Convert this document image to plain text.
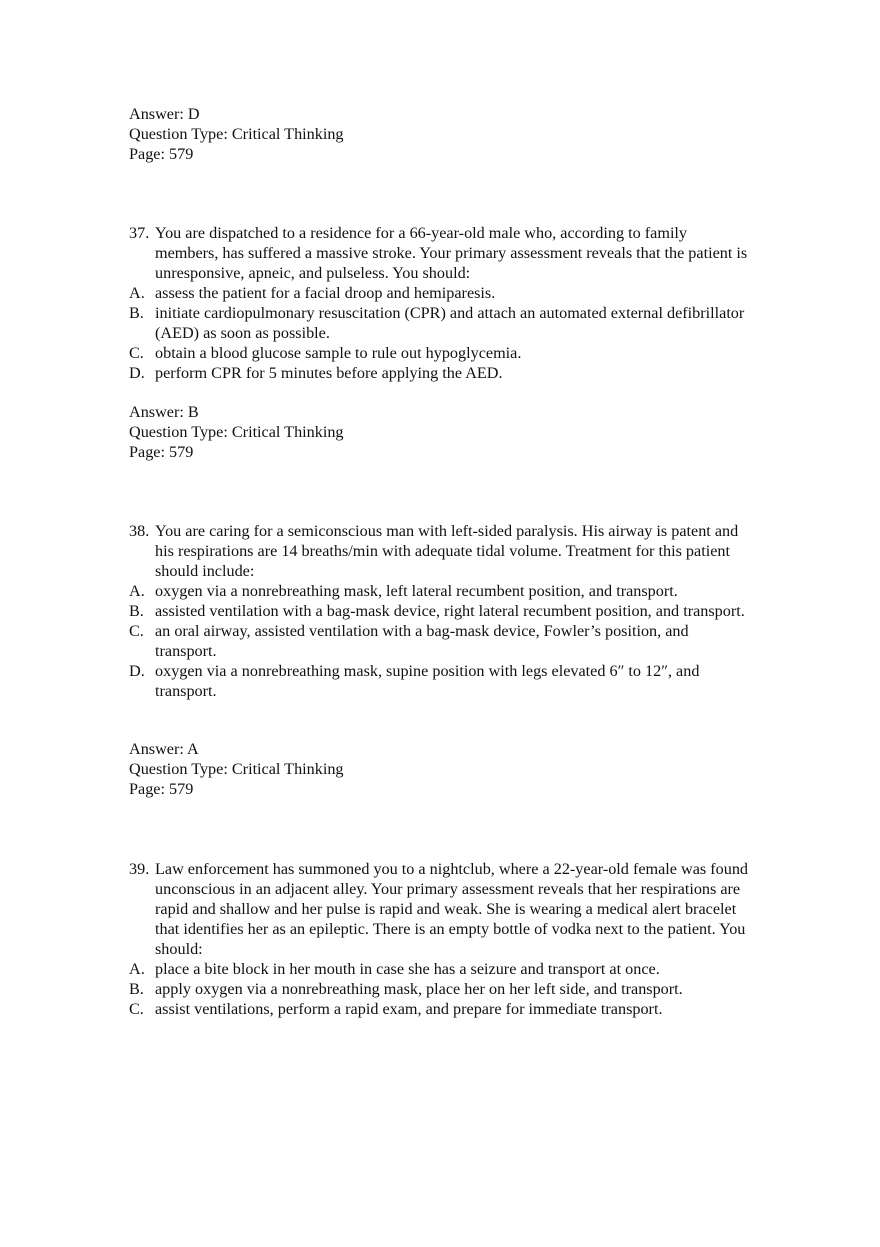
Answer: D
Question Type: Critical Thinking
Page: 579
37. You are dispatched to a residence for a 66-year-old male who, according to family members, has suffered a massive stroke. Your primary assessment reveals that the patient is unresponsive, apneic, and pulseless. You should:
A. assess the patient for a facial droop and hemiparesis.
B. initiate cardiopulmonary resuscitation (CPR) and attach an automated external defibrillator (AED) as soon as possible.
C. obtain a blood glucose sample to rule out hypoglycemia.
D. perform CPR for 5 minutes before applying the AED.
Answer: B
Question Type: Critical Thinking
Page: 579
38. You are caring for a semiconscious man with left-sided paralysis. His airway is patent and his respirations are 14 breaths/min with adequate tidal volume. Treatment for this patient should include:
A. oxygen via a nonrebreathing mask, left lateral recumbent position, and transport.
B. assisted ventilation with a bag-mask device, right lateral recumbent position, and transport.
C. an oral airway, assisted ventilation with a bag-mask device, Fowler’s position, and transport.
D. oxygen via a nonrebreathing mask, supine position with legs elevated 6″ to 12″, and transport.
Answer: A
Question Type: Critical Thinking
Page: 579
39. Law enforcement has summoned you to a nightclub, where a 22-year-old female was found unconscious in an adjacent alley. Your primary assessment reveals that her respirations are rapid and shallow and her pulse is rapid and weak. She is wearing a medical alert bracelet that identifies her as an epileptic. There is an empty bottle of vodka next to the patient. You should:
A. place a bite block in her mouth in case she has a seizure and transport at once.
B. apply oxygen via a nonrebreathing mask, place her on her left side, and transport.
C. assist ventilations, perform a rapid exam, and prepare for immediate transport.
